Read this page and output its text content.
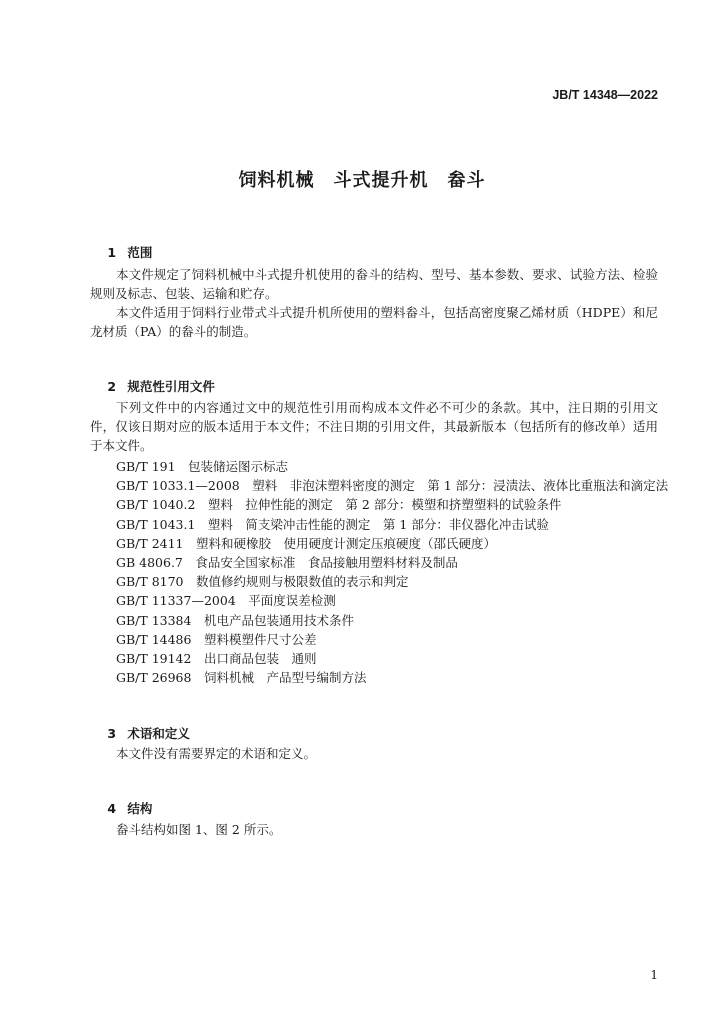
JB/T 14348—2022
饲料机械　斗式提升机　畚斗

1 范围

本文件规定了饲料机械中斗式提升机使用的畚斗的结构、型号、基本参数、要求、试验方法、检验规则及标志、包装、运输和贮存。
本文件适用于饲料行业带式斗式提升机所使用的塑料畚斗，包括高密度聚乙烯材质（HDPE）和尼龙材质（PA）的畚斗的制造。

2 规范性引用文件

下列文件中的内容通过文中的规范性引用而构成本文件必不可少的条款。其中，注日期的引用文件，仅该日期对应的版本适用于本文件；不注日期的引用文件，其最新版本（包括所有的修改单）适用于本文件。
GB/T 191　包装储运图示标志
GB/T 1033.1—2008　塑料　非泡沫塑料密度的测定　第 1 部分：浸渍法、液体比重瓶法和滴定法
GB/T 1040.2　塑料　拉伸性能的测定　第 2 部分：模塑和挤塑塑料的试验条件
GB/T 1043.1　塑料　简支梁冲击性能的测定　第 1 部分：非仪器化冲击试验
GB/T 2411　塑料和硬橡胶　使用硬度计测定压痕硬度（邵氏硬度）
GB 4806.7　食品安全国家标准　食品接触用塑料材料及制品
GB/T 8170　数值修约规则与极限数值的表示和判定
GB/T 11337—2004　平面度误差检测
GB/T 13384　机电产品包装通用技术条件
GB/T 14486　塑料模塑件尺寸公差
GB/T 19142　出口商品包装　通则
GB/T 26968　饲料机械　产品型号编制方法

3 术语和定义

本文件没有需要界定的术语和定义。

4 结构

畚斗结构如图 1、图 2 所示。
1
